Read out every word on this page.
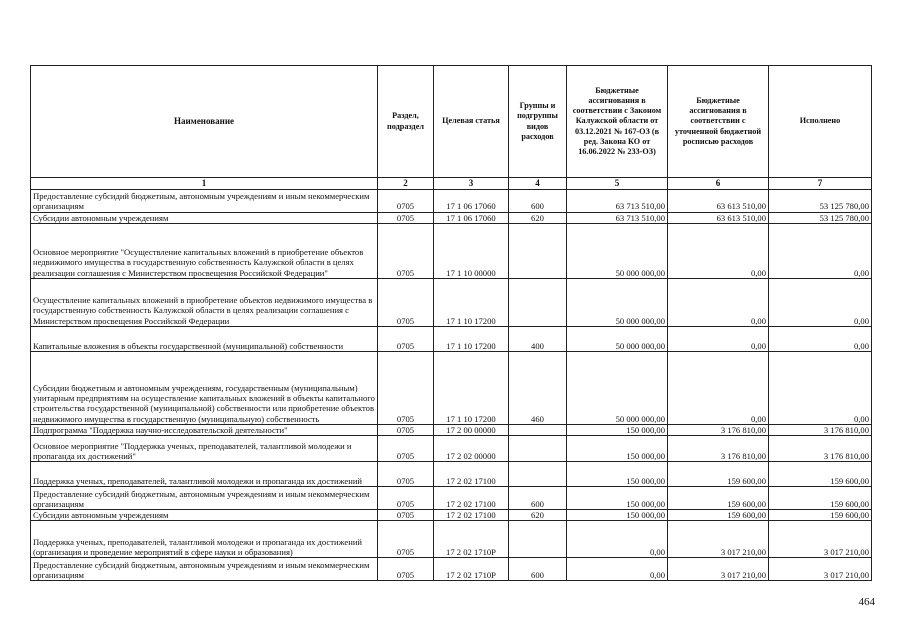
Наименование	Раздел, подраздел	Целевая статья	Группы и подгруппы видов расходов	Бюджетные ассигнования в соответствии с Законом Калужской области от 03.12.2021 № 167-ОЗ (в ред. Закона КО от 16.06.2022 № 233-ОЗ)	Бюджетные ассигнования в соответствии с уточненной бюджетной росписью расходов	Исполнено
1	2	3	4	5	6	7
Предоставление субсидий бюджетным, автономным учреждениям и иным некоммерческим организациям	0705	17 1 06 17060	600	63 713 510,00	63 613 510,00	53 125 780,00
Субсидии автономным учреждениям	0705	17 1 06 17060	620	63 713 510,00	63 613 510,00	53 125 780,00
Основное мероприятие "Осуществление капитальных вложений в приобретение объектов недвижимого имущества в государственную собственность Калужской области в целях реализации соглашения с Министерством просвещения Российской Федерации"	0705	17 1 10 00000		50 000 000,00	0,00	0,00
Осуществление капитальных вложений в приобретение объектов недвижимого имущества в государственную собственность Калужской области в целях реализации соглашения с Министерством просвещения Российской Федерации	0705	17 1 10 17200		50 000 000,00	0,00	0,00
Капитальные вложения в объекты государственной (муниципальной) собственности	0705	17 1 10 17200	400	50 000 000,00	0,00	0,00
Субсидии бюджетным и автономным учреждениям, государственным (муниципальным) унитарным предприятиям на осуществление капитальных вложений в объекты капитального строительства государственной (муниципальной) собственности или приобретение объектов недвижимого имущества в государственную (муниципальную) собственность	0705	17 1 10 17200	460	50 000 000,00	0,00	0,00
Подпрограмма "Поддержка научно-исследовательской деятельности"	0705	17 2 00 00000		150 000,00	3 176 810,00	3 176 810,00
Основное мероприятие "Поддержка ученых, преподавателей, талантливой молодежи и пропаганда их достижений"	0705	17 2 02 00000		150 000,00	3 176 810,00	3 176 810,00
Поддержка ученых, преподавателей, талантливой молодежи и пропаганда их достижений	0705	17 2 02 17100		150 000,00	159 600,00	159 600,00
Предоставление субсидий бюджетным, автономным учреждениям и иным некоммерческим организациям	0705	17 2 02 17100	600	150 000,00	159 600,00	159 600,00
Субсидии автономным учреждениям	0705	17 2 02 17100	620	150 000,00	159 600,00	159 600,00
Поддержка ученых, преподавателей, талантливой молодежи и пропаганда их достижений (организация и проведение мероприятий в сфере науки и образования)	0705	17 2 02 1710Р		0,00	3 017 210,00	3 017 210,00
Предоставление субсидий бюджетным, автономным учреждениям и иным некоммерческим организациям	0705	17 2 02 1710Р	600	0,00	3 017 210,00	3 017 210,00
464
